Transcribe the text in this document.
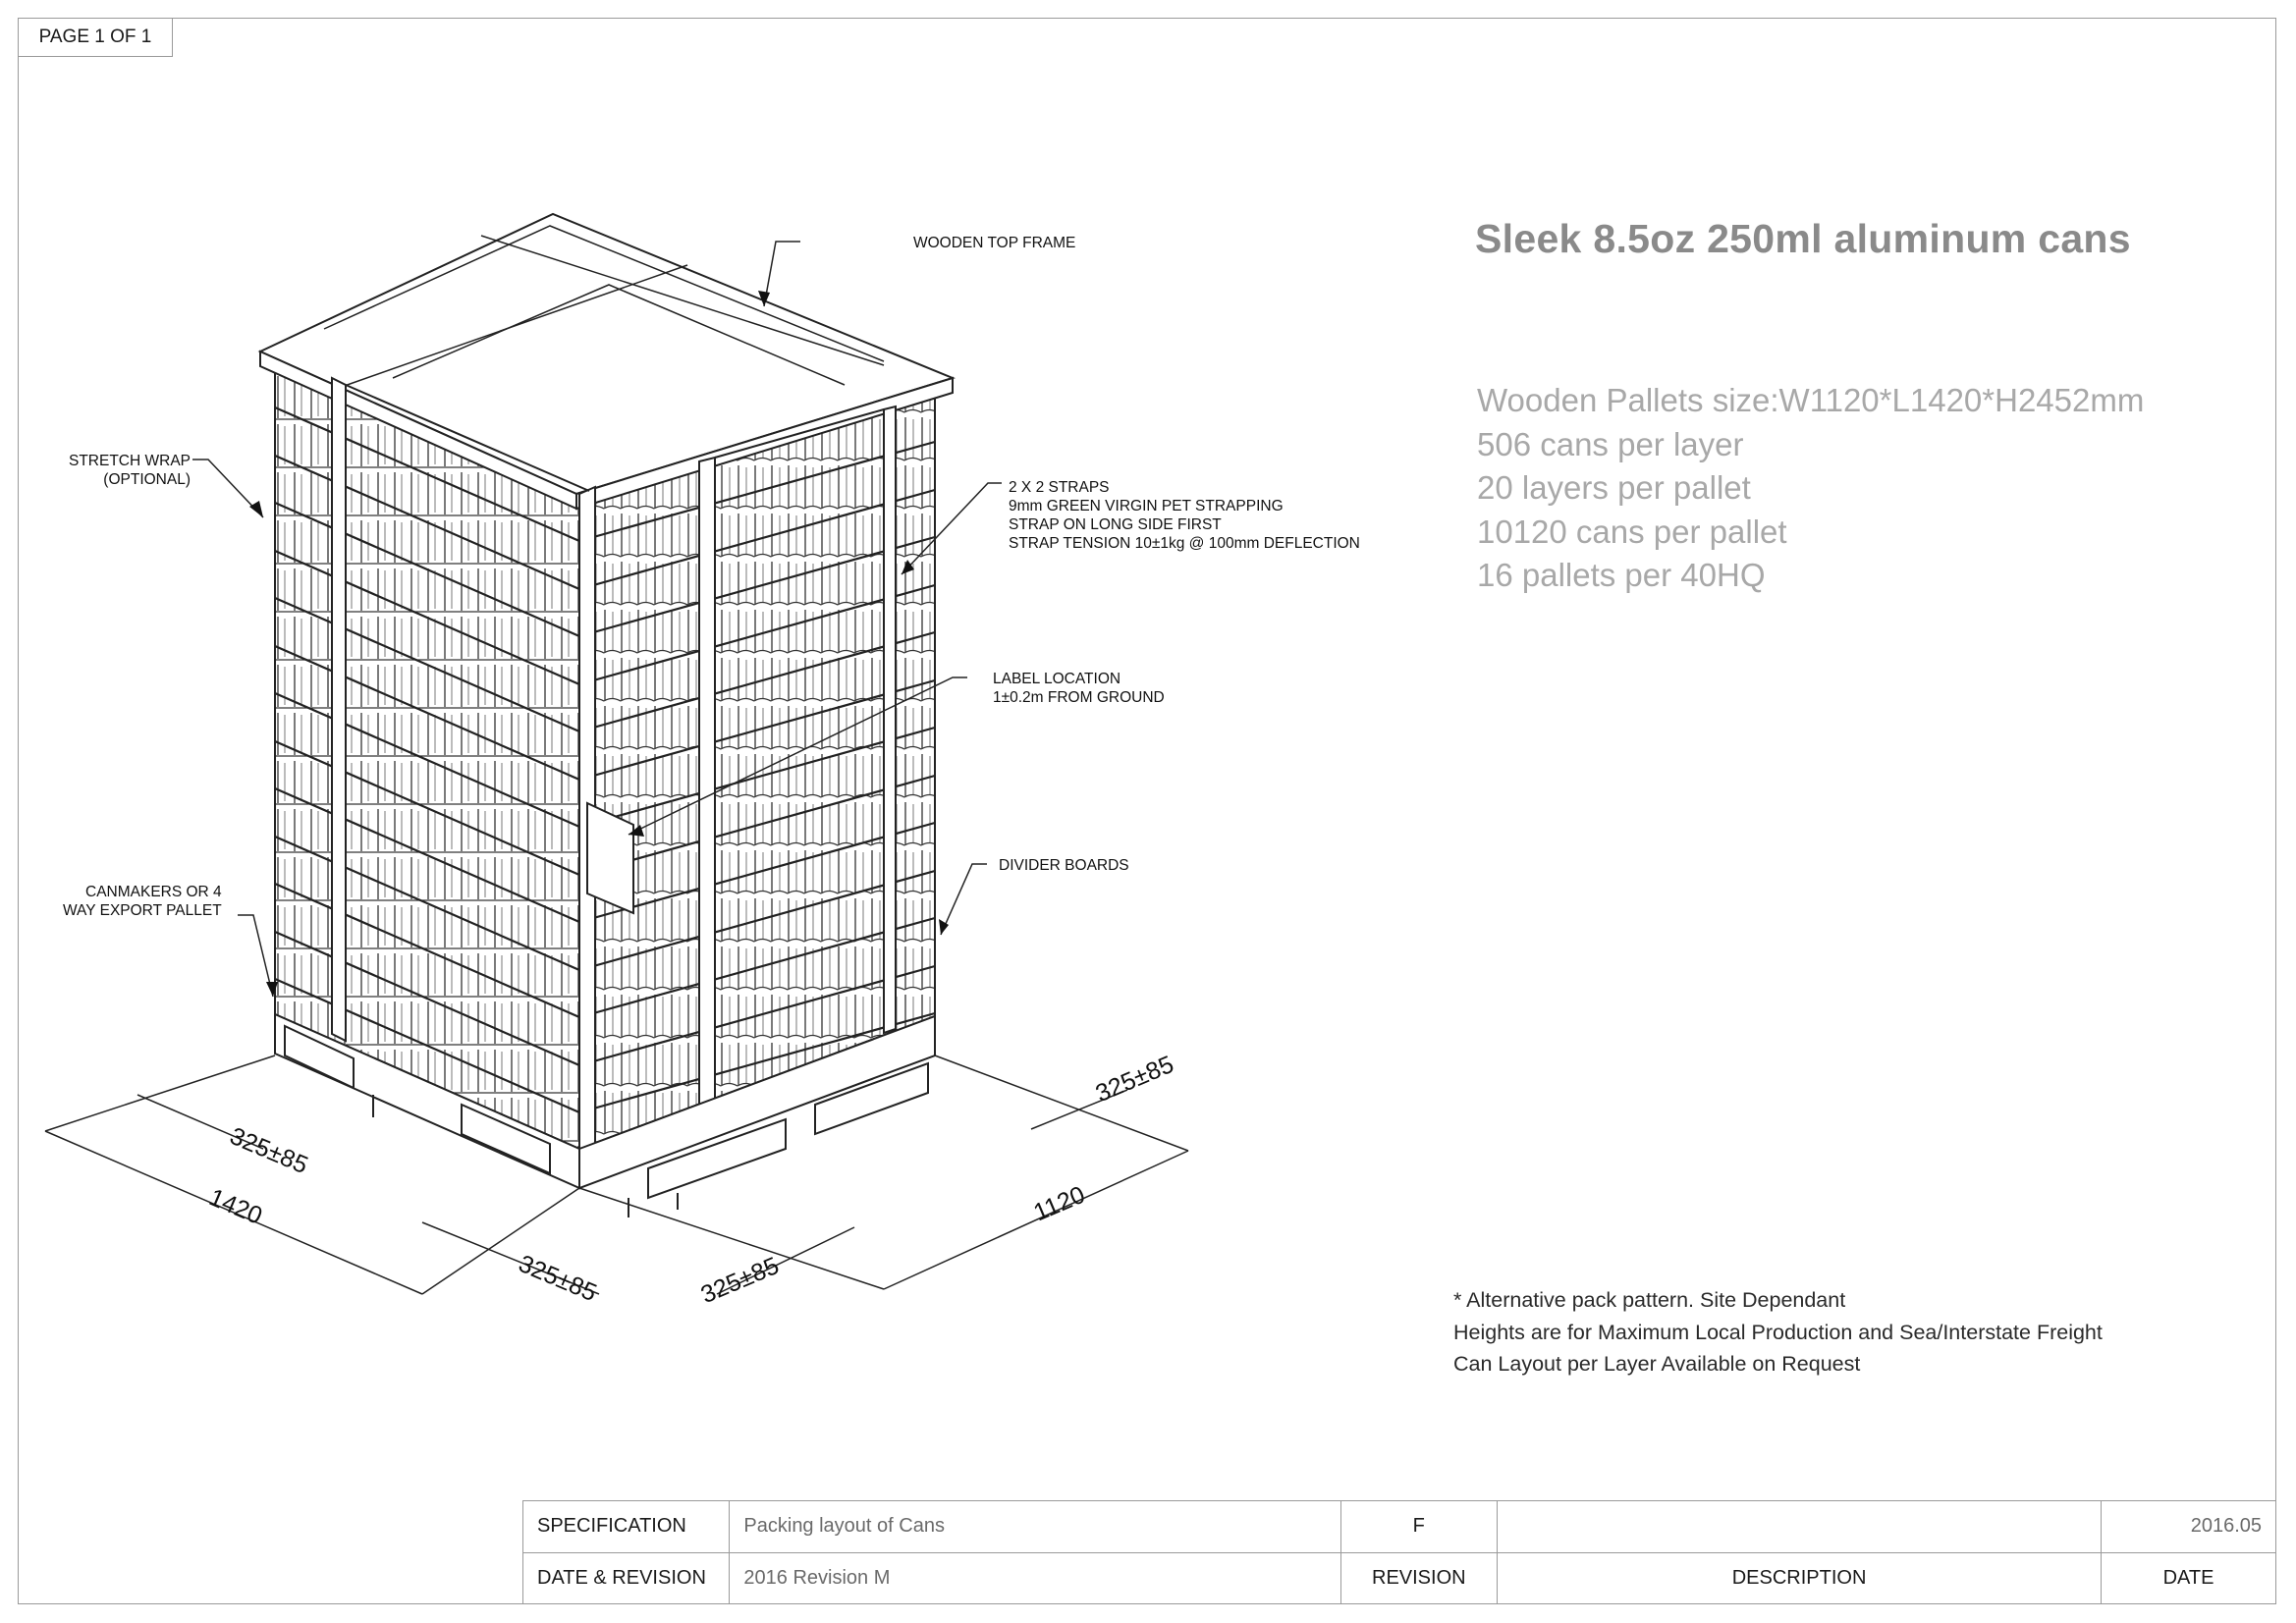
PAGE 1 OF 1
WOODEN TOP FRAME
STRETCH WRAP
(OPTIONAL)	2 X 2 STRAPS
9mm GREEN VIRGIN PET STRAPPING
STRAP ON LONG SIDE FIRST
STRAP TENSION 10±1kg @ 100mm DEFLECTION
LABEL LOCATION
1±0.2m FROM GROUND
DIVIDER BOARDS
CANMAKERS OR 4
WAY EXPORT PALLET
325±85
1420
325±85	325±85
1120
325±85
Sleek 8.5oz 250ml aluminum cans
Wooden Pallets size:W1120*L1420*H2452mm
506 cans per layer
20 layers per pallet
10120 cans per pallet
16 pallets per 40HQ
* Alternative pack pattern. Site Dependant
Heights are for Maximum Local Production and Sea/Interstate Freight
Can Layout per Layer Available on Request
SPECIFICATION	Packing layout of Cans	F		2016.05
DATE & REVISION	2016 Revision M	REVISION	DESCRIPTION	DATE
